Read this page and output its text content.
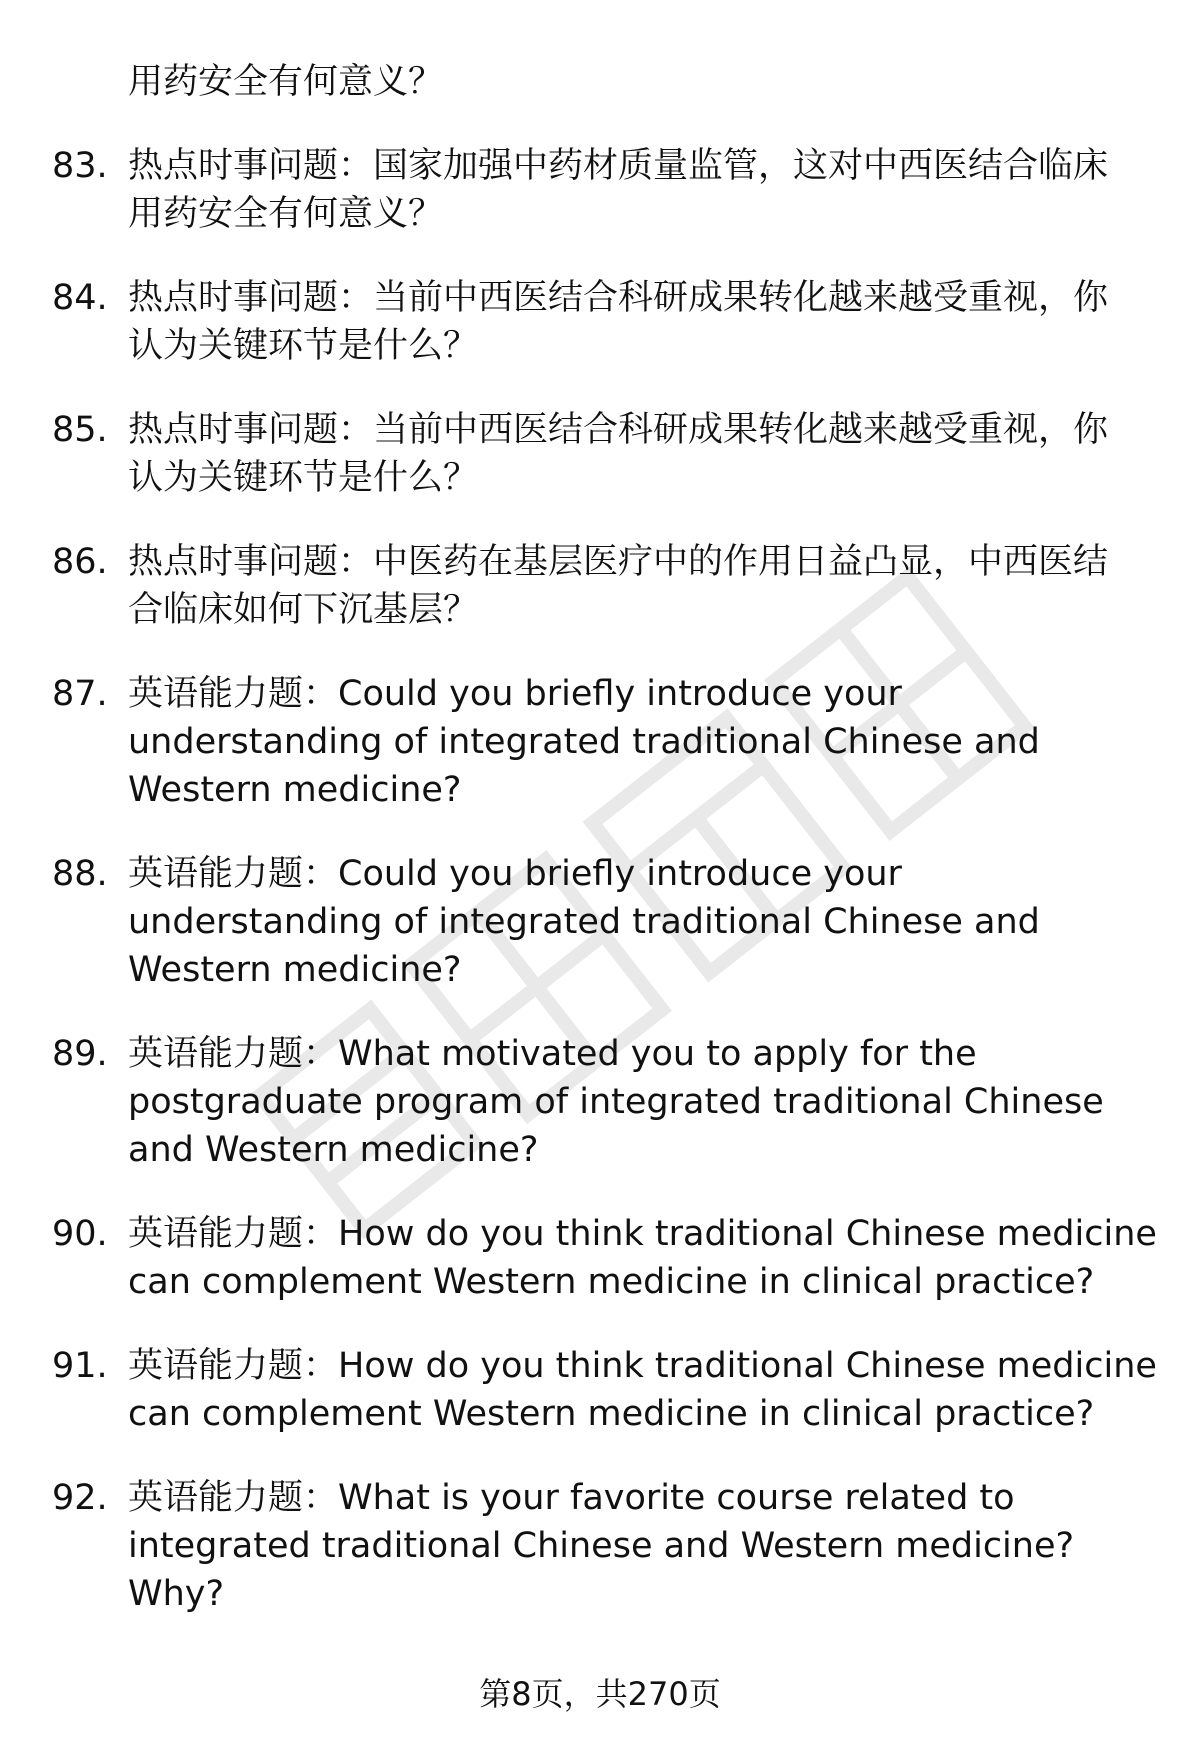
用药安全有何意义？
83. 热点时事问题：国家加强中药材质量监管，这对中西医结合临床
用药安全有何意义？
84. 热点时事问题：当前中西医结合科研成果转化越来越受重视，你
认为关键环节是什么？
85. 热点时事问题：当前中西医结合科研成果转化越来越受重视，你
认为关键环节是什么？
86. 热点时事问题：中医药在基层医疗中的作用日益凸显，中西医结
合临床如何下沉基层？
87. 英语能力题：Could you briefly introduce your
understanding of integrated traditional Chinese and
Western medicine?
88. 英语能力题：Could you briefly introduce your
understanding of integrated traditional Chinese and
Western medicine?
89. 英语能力题：What motivated you to apply for the
postgraduate program of integrated traditional Chinese
and Western medicine?
90. 英语能力题：How do you think traditional Chinese medicine
can complement Western medicine in clinical practice?
91. 英语能力题：How do you think traditional Chinese medicine
can complement Western medicine in clinical practice?
92. 英语能力题：What is your favorite course related to
integrated traditional Chinese and Western medicine?
Why?
第8页，共270页
